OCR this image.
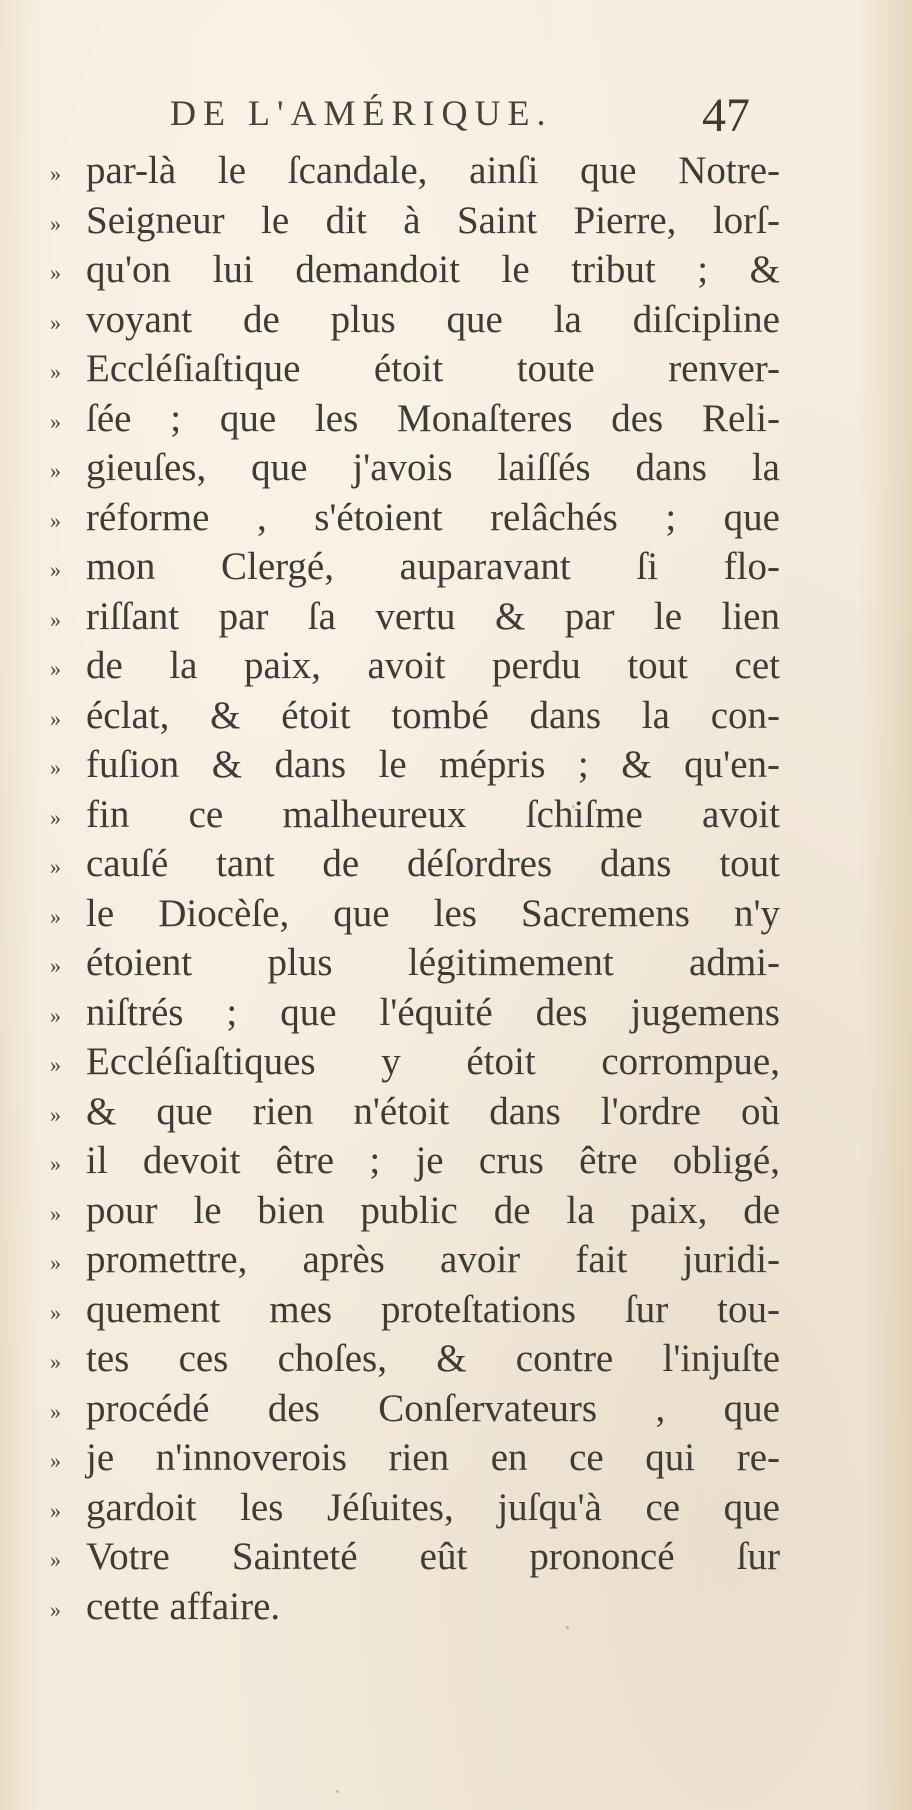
DE L'AMÉRIQUE.	47
» par-là le ſcandale, ainſi que Notre-
» Seigneur le dit à Saint Pierre, lorſ-
» qu'on lui demandoit le tribut ; &
» voyant de plus que la diſcipline
» Eccléſiaſtique étoit toute renver-
» ſée ; que les Monaſteres des Reli-
» gieuſes, que j'avois laiſſés dans la
» réforme , s'étoient relâchés ; que
» mon Clergé, auparavant ſi flo-
» riſſant par ſa vertu & par le lien
» de la paix, avoit perdu tout cet
» éclat, & étoit tombé dans la con-
» fuſion & dans le mépris ; & qu'en-
» fin ce malheureux ſchiſme avoit
» cauſé tant de déſordres dans tout
» le Diocèſe, que les Sacremens n'y
» étoient plus légitimement admi-
» niſtrés ; que l'équité des jugemens
» Eccléſiaſtiques y étoit corrompue,
» & que rien n'étoit dans l'ordre où
» il devoit être ; je crus être obligé,
» pour le bien public de la paix, de
» promettre, après avoir fait juridi-
» quement mes proteſtations ſur tou-
» tes ces choſes, & contre l'injuſte
» procédé des Conſervateurs , que
» je n'innoverois rien en ce qui re-
» gardoit les Jéſuites, juſqu'à ce que
» Votre Sainteté eût prononcé ſur
» cette affaire.
